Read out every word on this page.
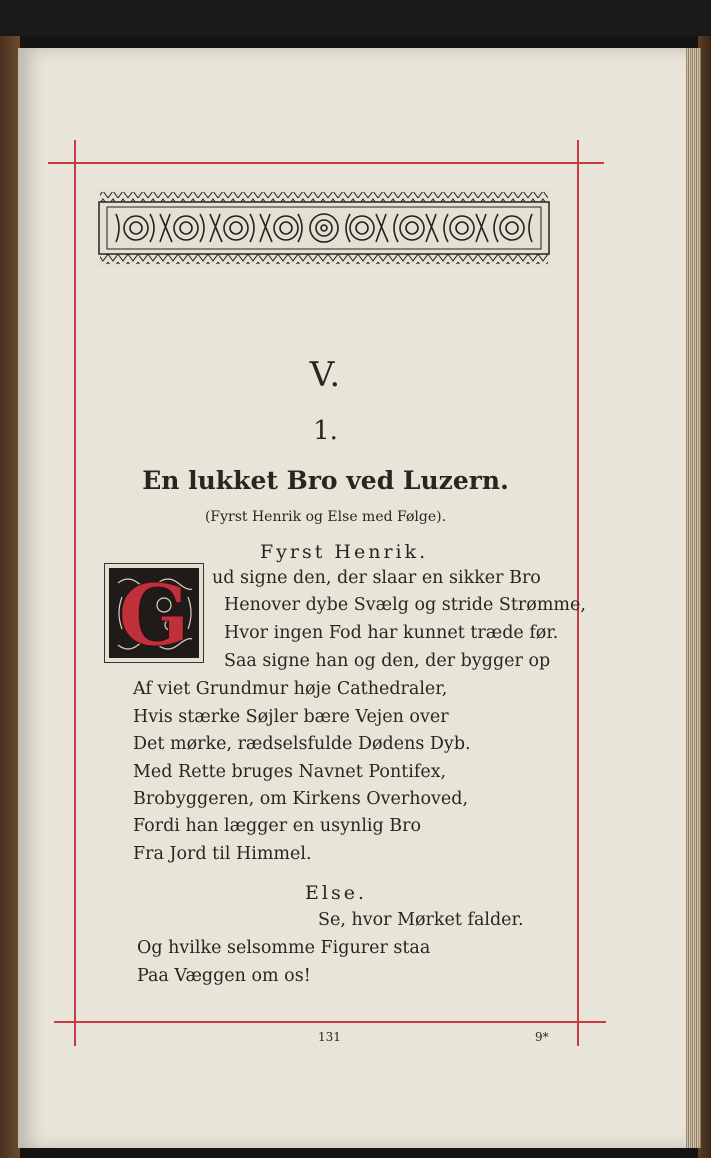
V.
1.
En lukket Bro ved Luzern.
(Fyrst Henrik og Else med Følge).
Fyrst Henrik.
G ud signe den, der slaar en sikker Bro
Henover dybe Svælg og stride Strømme,
Hvor ingen Fod har kunnet træde før.
Saa signe han og den, der bygger op
Af viet Grundmur høje Cathedraler,
Hvis stærke Søjler bære Vejen over
Det mørke, rædselsfulde Dødens Dyb.
Med Rette bruges Navnet Pontifex,
Brobyggeren, om Kirkens Overhoved,
Fordi han lægger en usynlig Bro
Fra Jord til Himmel.
Else.
Se, hvor Mørket falder.
Og hvilke selsomme Figurer staa
Paa Væggen om os!
131	9*
